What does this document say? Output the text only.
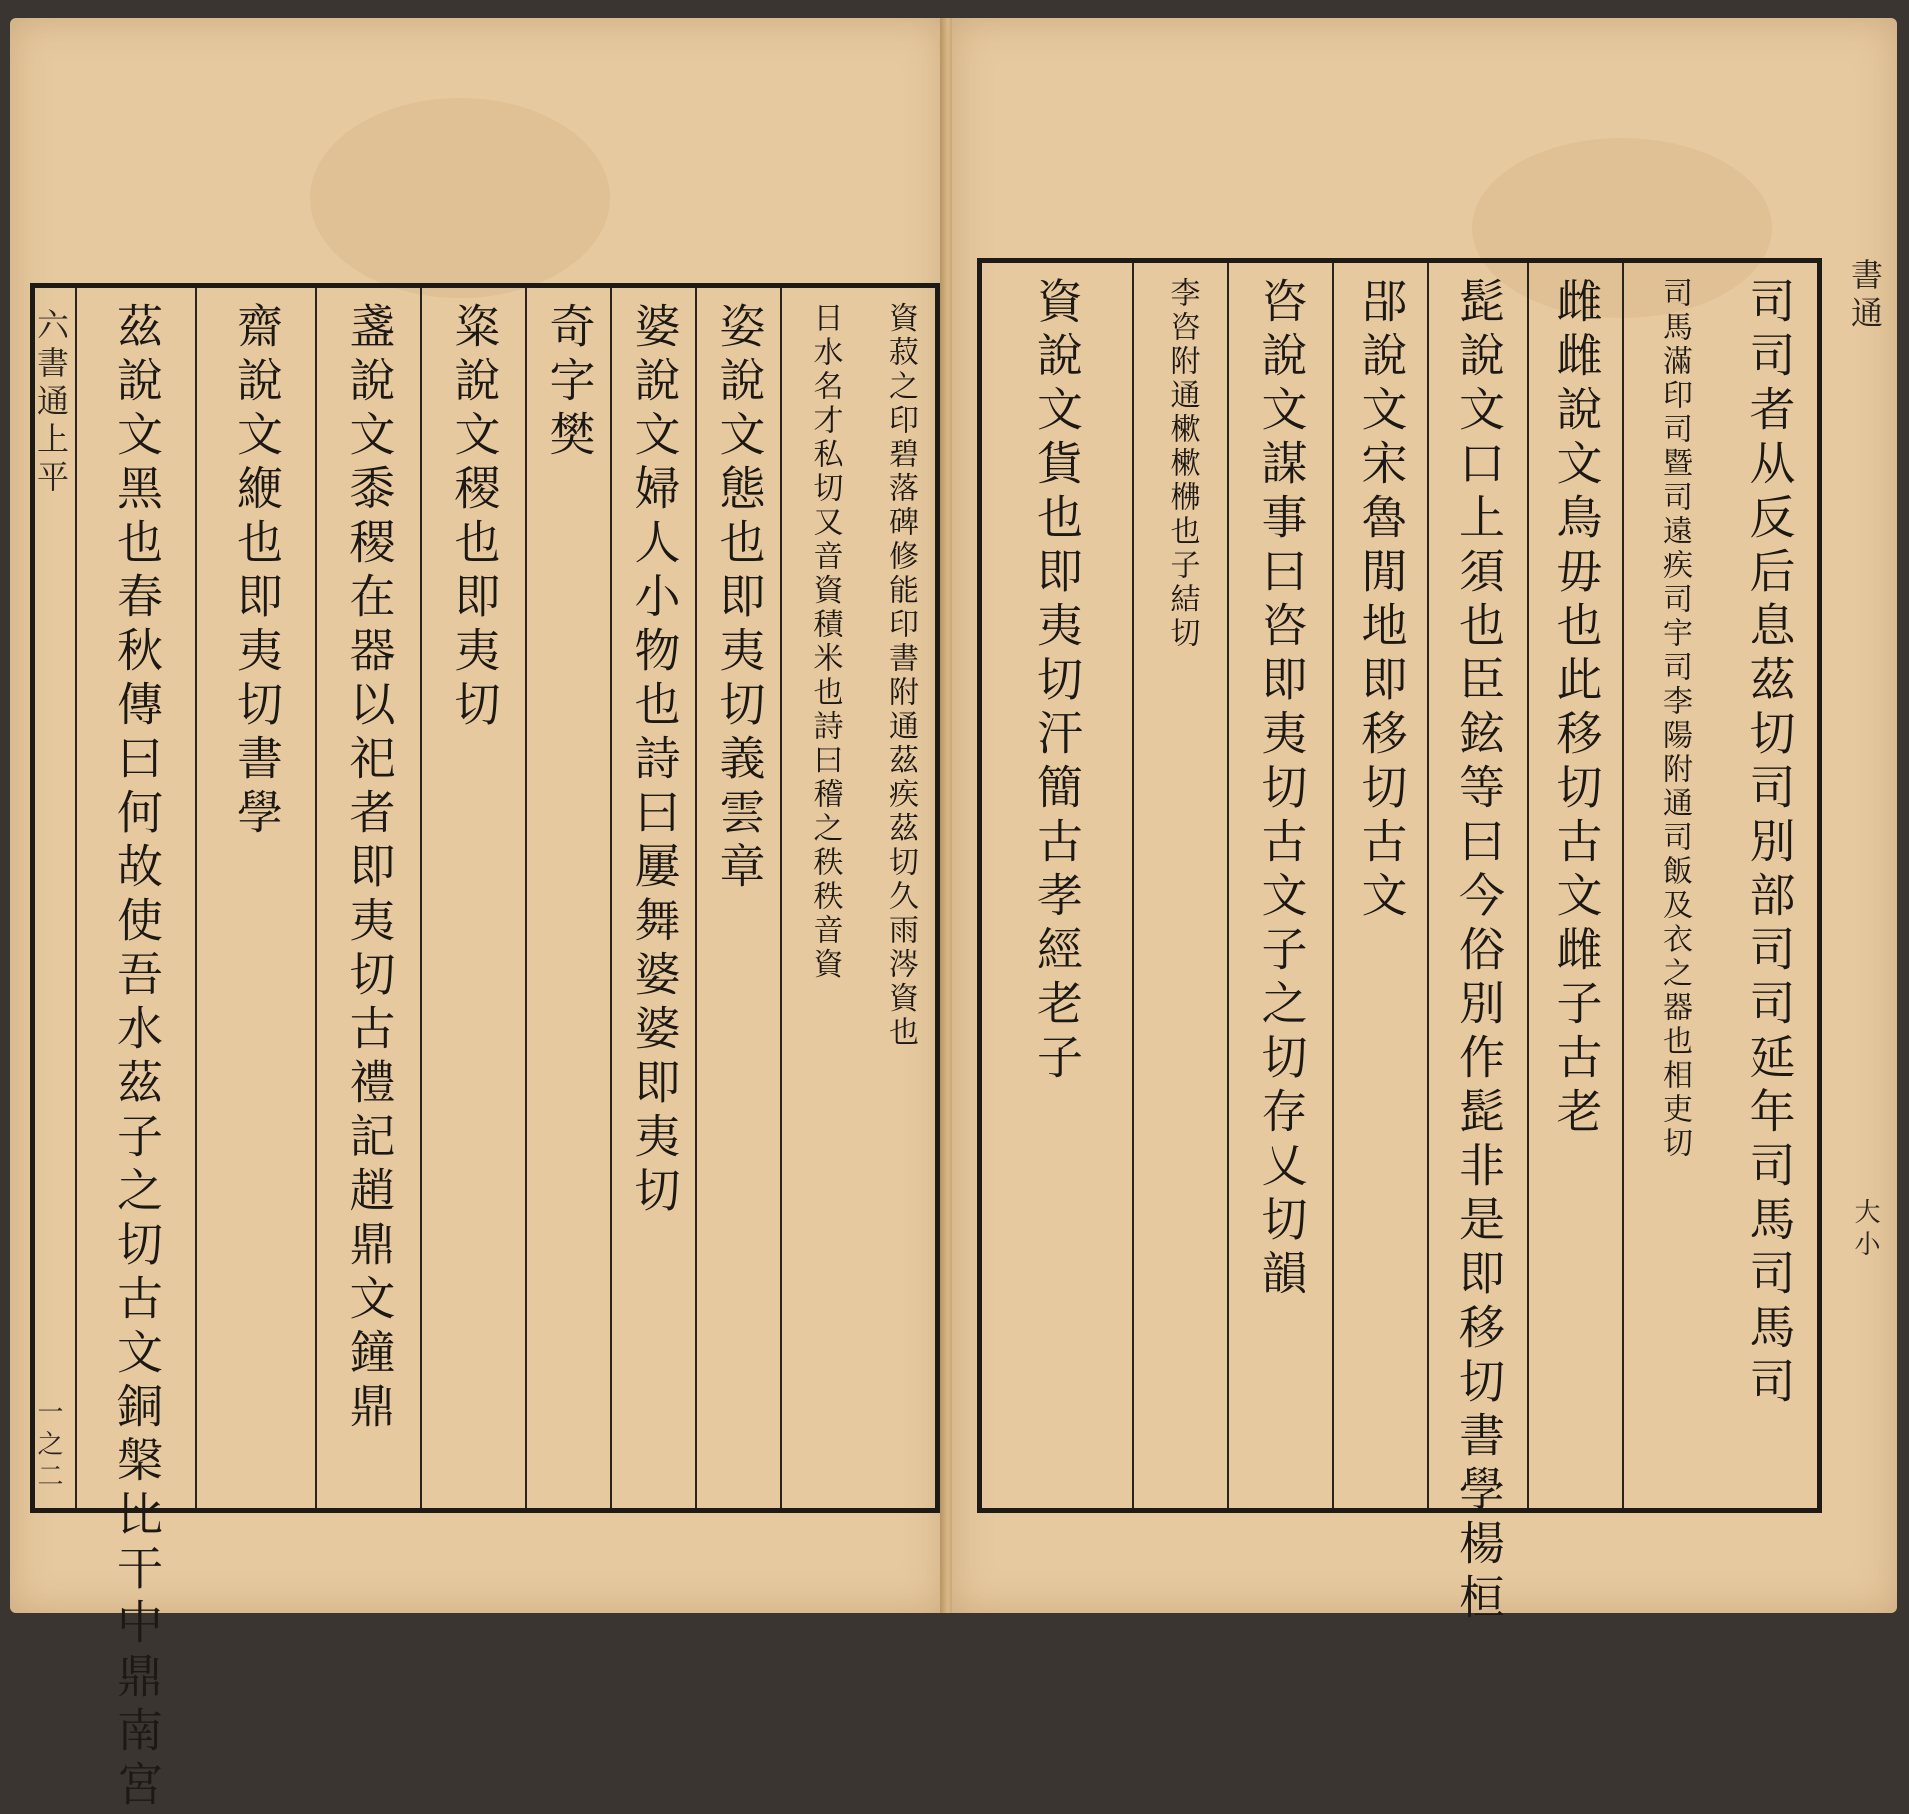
資菽之印碧落碑修能印書附通茲疾茲切久雨涔資也
日水名才私切又音資積米也詩曰稽之秩秩音資
姿說文態也即夷切義雲章
婆說文婦人小物也詩曰屢舞婆婆即夷切
奇字樊
粢說文稷也即夷切
盞說文黍稷在器以祀者即夷切古禮記趙鼎文鐘鼎
齋說文緶也即夷切書學
茲說文黑也春秋傳曰何故使吾水茲子之切古文銅槃比干中鼎南宮
六書通上平
一之二
司司者从反后息茲切司別部司司延年司馬司馬司
司馬滿印司暨司遠疾司宇司李陽附通司飯及衣之器也相吏切
雌雌說文鳥毋也此移切古文雌子古老
髭說文口上須也臣鉉等曰今俗別作髭非是即移切書學楊桓
郘說文宋魯閒地即移切古文
咨說文謀事曰咨即夷切古文子之切存乂切韻
李咨附通樕樕梻也子結切
資說文貨也即夷切汗簡古孝經老子	書通
大小
